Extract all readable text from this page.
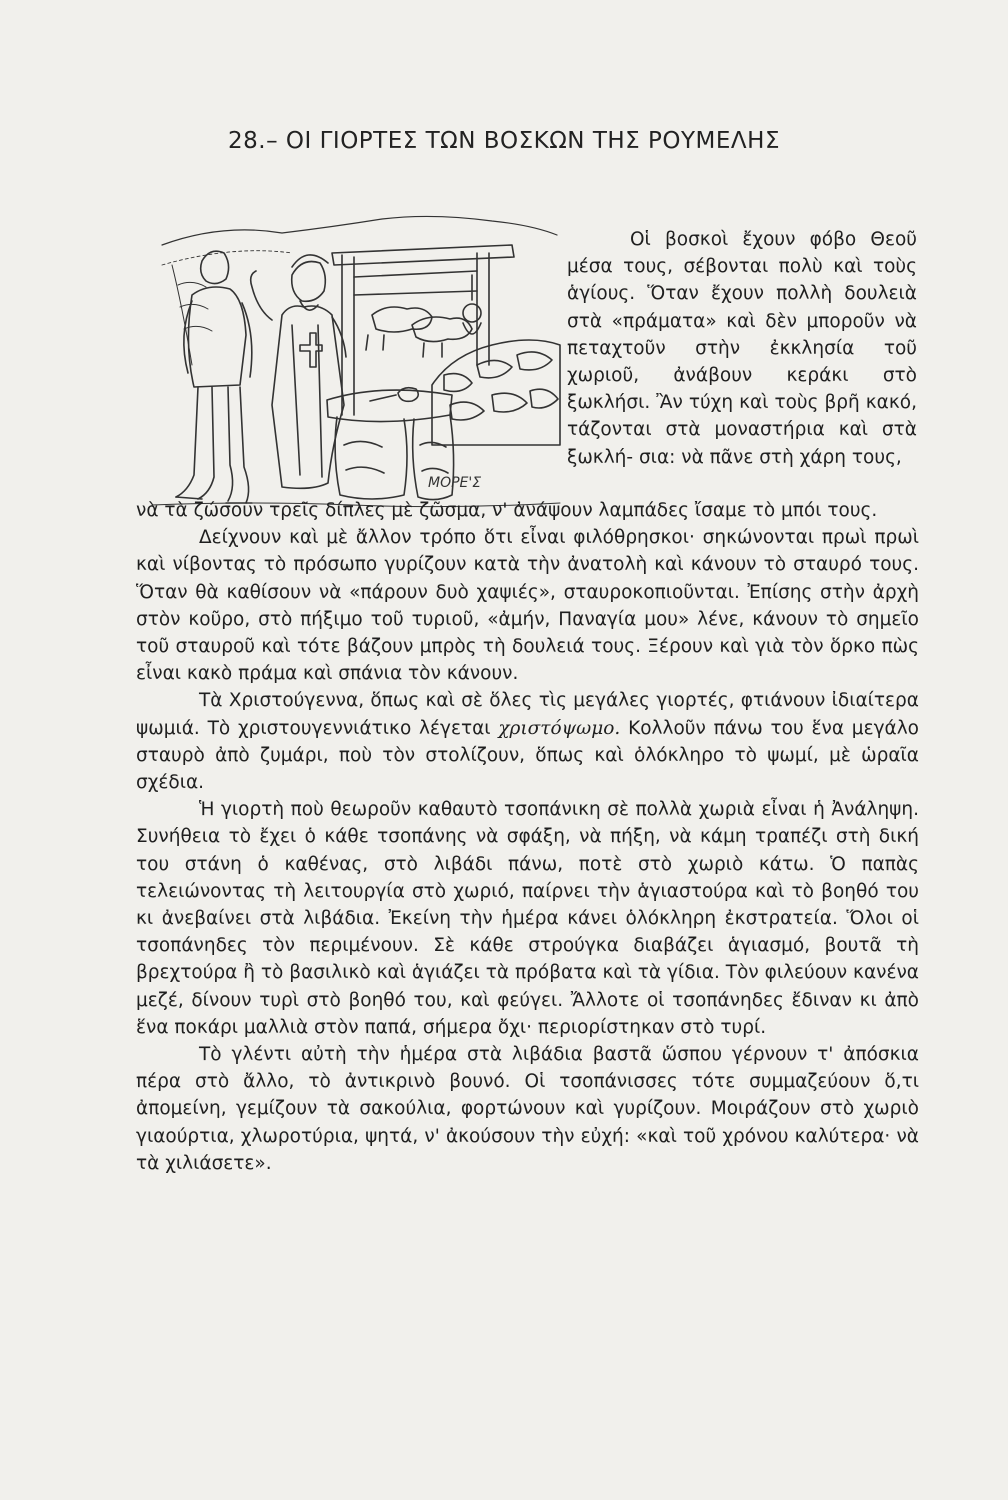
28.– ΟΙ ΓΙΟΡΤΕΣ ΤΩΝ ΒΟΣΚΩΝ ΤΗΣ ΡΟΥΜΕΛΗΣ
ΜΟΡΕ'Σ

Οἱ βοσκοὶ ἔχουν φόβο Θεοῦ μέσα τους, σέβονται πολὺ καὶ τοὺς ἁγίους. Ὅταν ἔχουν πολλὴ δουλειὰ στὰ «πράματα» καὶ δὲν μποροῦν νὰ πεταχτοῦν στὴν ἐκκλησία τοῦ χωριοῦ, ἀνάβουν κεράκι στὸ ξωκλήσι. Ἂν τύχη καὶ τοὺς βρῆ κακό, τάζονται στὰ μοναστήρια καὶ στὰ ξωκλή- σια: νὰ πᾶνε στὴ χάρη τους,

νὰ τὰ ζώσουν τρεῖς δίπλες μὲ ζῶσμα, ν' ἀνάψουν λαμπάδες ἴσαμε τὸ μπόι τους.

Δείχνουν καὶ μὲ ἄλλον τρόπο ὅτι εἶναι φιλόθρησκοι· σηκώνονται πρωὶ πρωὶ καὶ νίβοντας τὸ πρόσωπο γυρίζουν κατὰ τὴν ἀνατολὴ καὶ κάνουν τὸ σταυρό τους. Ὅταν θὰ καθίσουν νὰ «πάρουν δυὸ χαψιές», σταυροκοπιοῦνται. Ἐπίσης στὴν ἀρχὴ στὸν κοῦρο, στὸ πήξιμο τοῦ τυριοῦ, «ἀμήν, Παναγία μου» λένε, κάνουν τὸ σημεῖο τοῦ σταυροῦ καὶ τότε βάζουν μπρὸς τὴ δουλειά τους. Ξέρουν καὶ γιὰ τὸν ὅρκο πὼς εἶναι κακὸ πράμα καὶ σπάνια τὸν κάνουν.

Τὰ Χριστούγεννα, ὅπως καὶ σὲ ὅλες τὶς μεγάλες γιορτές, φτιάνουν ἰδιαίτερα ψωμιά. Τὸ χριστουγεννιάτικο λέγεται χριστόψωμο. Κολλοῦν πάνω του ἕνα μεγάλο σταυρὸ ἀπὸ ζυμάρι, ποὺ τὸν στολίζουν, ὅπως καὶ ὁλόκληρο τὸ ψωμί, μὲ ὡραῖα σχέδια.

Ἡ γιορτὴ ποὺ θεωροῦν καθαυτὸ τσοπάνικη σὲ πολλὰ χωριὰ εἶναι ἡ Ἀνάληψη. Συνήθεια τὸ ἔχει ὁ κάθε τσοπάνης νὰ σφάξη, νὰ πήξη, νὰ κάμη τραπέζι στὴ δική του στάνη ὁ καθένας, στὸ λιβάδι πάνω, ποτὲ στὸ χωριὸ κάτω. Ὁ παπὰς τελειώνοντας τὴ λειτουργία στὸ χωριό, παίρνει τὴν ἁγιαστούρα καὶ τὸ βοηθό του κι ἀνεβαίνει στὰ λιβάδια. Ἐκείνη τὴν ἡμέρα κάνει ὁλόκληρη ἐκστρατεία. Ὅλοι οἱ τσοπάνηδες τὸν περιμένουν. Σὲ κάθε στρούγκα διαβάζει ἁγιασμό, βουτᾶ τὴ βρεχτούρα ἢ τὸ βασιλικὸ καὶ ἁγιάζει τὰ πρόβατα καὶ τὰ γίδια. Τὸν φιλεύουν κανένα μεζέ, δίνουν τυρὶ στὸ βοηθό του, καὶ φεύγει. Ἄλλοτε οἱ τσοπάνηδες ἔδιναν κι ἀπὸ ἕνα ποκάρι μαλλιὰ στὸν παπά, σήμερα ὄχι· περιορίστηκαν στὸ τυρί.

Τὸ γλέντι αὐτὴ τὴν ἡμέρα στὰ λιβάδια βαστᾶ ὥσπου γέρνουν τ' ἀπόσκια πέρα στὸ ἄλλο, τὸ ἀντικρινὸ βουνό. Οἱ τσοπάνισσες τότε συμμαζεύουν ὅ,τι ἀπομείνη, γεμίζουν τὰ σακούλια, φορτώνουν καὶ γυρίζουν. Μοιράζουν στὸ χωριὸ γιαούρτια, χλωροτύρια, ψητά, ν' ἀκούσουν τὴν εὐχή: «καὶ τοῦ χρόνου καλύτερα· νὰ τὰ χιλιάσετε».
